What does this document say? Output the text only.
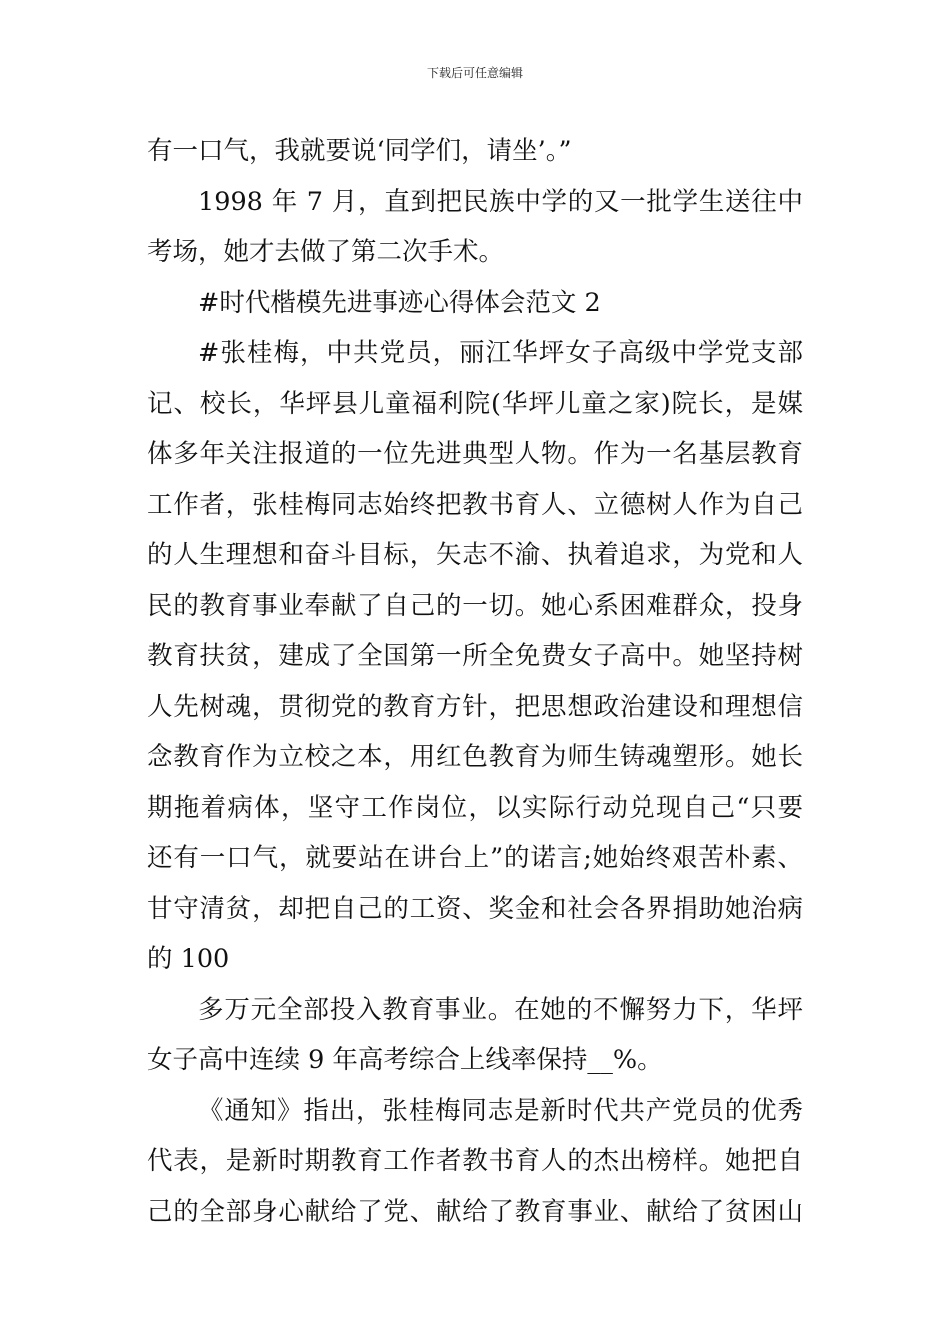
下载后可任意编辑
有一口气，我就要说‘同学们，请坐’。”
1998 年 7 月，直到把民族中学的又一批学生送往中
考场，她才去做了第二次手术。
#时代楷模先进事迹心得体会范文 2
#张桂梅，中共党员，丽江华坪女子高级中学党支部
记、校长，华坪县儿童福利院(华坪儿童之家)院长，是媒
体多年关注报道的一位先进典型人物。作为一名基层教育
工作者，张桂梅同志始终把教书育人、立德树人作为自己
的人生理想和奋斗目标，矢志不渝、执着追求，为党和人
民的教育事业奉献了自己的一切。她心系困难群众，投身
教育扶贫，建成了全国第一所全免费女子高中。她坚持树
人先树魂，贯彻党的教育方针，把思想政治建设和理想信
念教育作为立校之本，用红色教育为师生铸魂塑形。她长
期拖着病体，坚守工作岗位，以实际行动兑现自己“只要
还有一口气，就要站在讲台上”的诺言;她始终艰苦朴素、
甘守清贫，却把自己的工资、奖金和社会各界捐助她治病
的 100
多万元全部投入教育事业。在她的不懈努力下，华坪
女子高中连续 9 年高考综合上线率保持__%。
《通知》指出，张桂梅同志是新时代共产党员的优秀
代表，是新时期教育工作者教书育人的杰出榜样。她把自
己的全部身心献给了党、献给了教育事业、献给了贫困山
